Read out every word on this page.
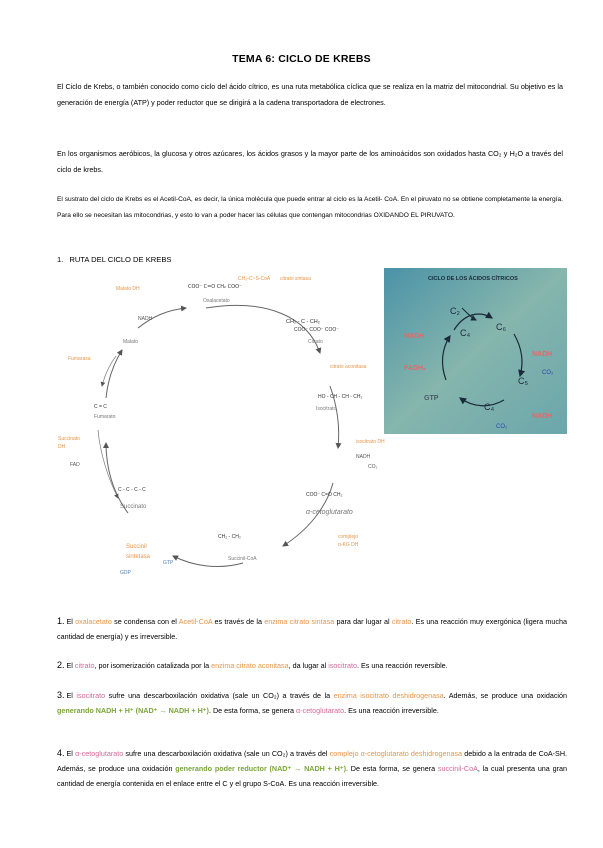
TEMA 6: CICLO DE KREBS

El Ciclo de Krebs, o también conocido como ciclo del ácido cítrico, es una ruta metabólica cíclica que se realiza en la matriz del mitocondrial. Su objetivo es la generación de energía (ATP) y poder reductor que se dirigirá a la cadena transportadora de electrones.

En los organismos aeróbicos, la glucosa y otros azúcares, los ácidos grasos y la mayor parte de los aminoácidos son oxidados hasta CO₂ y H₂O a través del ciclo de krebs.

El sustrato del ciclo de Krebs es el Acetil-CoA, es decir, la única molécula que puede entrar al ciclo es la Acetil- CoA. En el piruvato no se obtiene completamente la energía. Para ello se necesitan las mitocondrias, y esto lo van a poder hacer las células que contengan mitocondrias OXIDANDO EL PIRUVATO.

1. RUTA DEL CICLO DE KREBS
COO⁻ C=O CH₂ COO⁻
Oxalacetato
CH₃-C~S-CoA citrato sintasa
CH₂ - C - CH₂
COO⁻ COO⁻ COO⁻
Citrato
citrato aconitasa
HO - CH - CH - CH₂
Isocitrato
isocitrato DH
NADH
CO₂
COO⁻ C=O CH₂
α-cetoglutarato
complejo
α-KG DH
CH₂ - CH₂
Succinil-CoA
C - C - C - C
Succinato
Succinil
sintetasa
GTP
GDP
Succinato
DH
FAD
C = C
Fumarato
Fumarasa
Malato DH
Malato
NADH
CICLO DE LOS ÁCIDOS CÍTRICOS
C₂
C₄
C₆
C₅
C₄
NADH
FADH₂
GTP
NADH
CO₂
NADH
CO₂
1. El oxalacetato se condensa con el Acetil-CoA es través de la enzima citrato sintasa para dar lugar al citrato. Es una reacción muy exergónica (ligera mucha cantidad de energía) y es irreversible.
2. El citrato, por isomerización catalizada por la enzima citrato aconitasa, da lugar al isocitrato. Es una reacción reversible.
3. El isocitrato sufre una descarboxilación oxidativa (sale un CO₂) a través de la enzima isocitrato deshidrogenasa. Además, se produce una oxidación generando NADH + H⁺ (NAD⁺ → NADH + H⁺). De esta forma, se genera α-cetoglutarato. Es una reacción irreversible.
4. El α-cetoglutarato sufre una descarboxilación oxidativa (sale un CO₂) a través del complejo α-cetoglutarato deshidrogenasa debido a la entrada de CoA-SH. Además, se produce una oxidación generando poder reductor (NAD⁺ → NADH + H⁺). De esta forma, se genera succinil-CoA, la cual presenta una gran cantidad de energía contenida en el enlace entre el C y el grupo S-CoA. Es una reacción irreversible.
